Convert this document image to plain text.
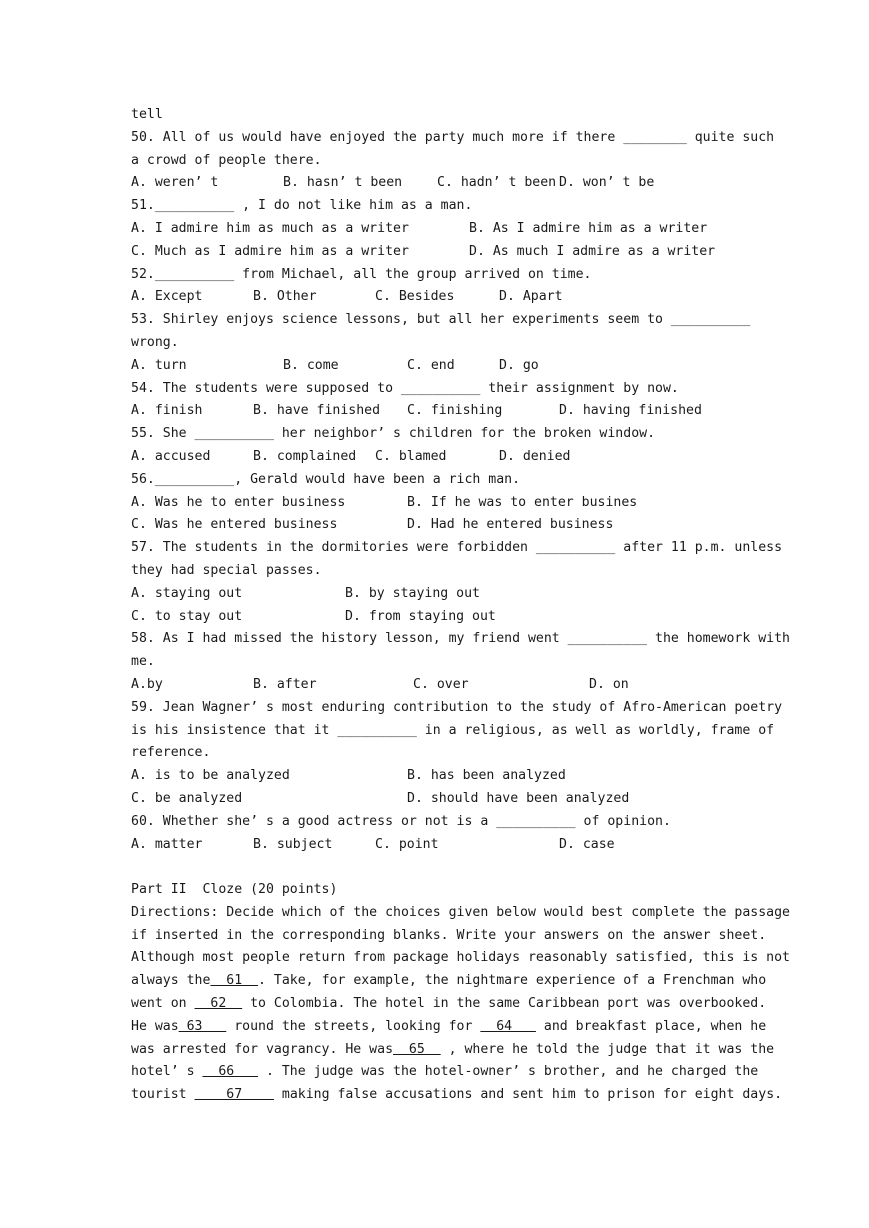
tell
50. All of us would have enjoyed the party much more if there ________ quite such
a crowd of people there.
A. weren’ t	B. hasn’ t been	C. hadn’ t been D. won’ t be
51.__________ , I do not like him as a man.
A. I admire him as much as a writer	B. As I admire him as a writer
C. Much as I admire him as a writer	D. As much I admire as a writer
52.__________ from Michael, all the group arrived on time.
A. Except	B. Other	C. Besides	D. Apart
53. Shirley enjoys science lessons, but all her experiments seem to __________
wrong.
A. turn	B. come	C. end	D. go
54. The students were supposed to __________ their assignment by now.
A. finish	B. have finished C. finishing	D. having finished
55. She __________ her neighbor’ s children for the broken window.
A. accused	B. complained C. blamed	D. denied
56.__________, Gerald would have been a rich man.
A. Was he to enter business	B. If he was to enter busines
C. Was he entered business	D. Had he entered business
57. The students in the dormitories were forbidden __________ after 11 p.m. unless
they had special passes.
A. staying out	B. by staying out
C. to stay out	D. from staying out
58. As I had missed the history lesson, my friend went __________ the homework with
me.
A.by	B. after	C. over	D. on
59. Jean Wagner’ s most enduring contribution to the study of Afro-American poetry
is his insistence that it __________ in a religious, as well as worldly, frame of
reference.
A. is to be analyzed	B. has been analyzed
C. be analyzed	D. should have been analyzed
60. Whether she’ s a good actress or not is a __________ of opinion.
A. matter	B. subject	C. point	D. case
Part II  Cloze (20 points)
Directions: Decide which of the choices given below would best complete the passage
if inserted in the corresponding blanks. Write your answers on the answer sheet.
Although most people return from package holidays reasonably satisfied, this is not
always the  61  . Take, for example, the nightmare experience of a Frenchman who
went on   62   to Colombia. The hotel in the same Caribbean port was overbooked.
He was 63    round the streets, looking for   64    and breakfast place, when he
was arrested for vagrancy. He was  65   , where he told the judge that it was the
hotel’ s   66    . The judge was the hotel-owner’ s brother, and he charged the
tourist     67     making false accusations and sent him to prison for eight days.
